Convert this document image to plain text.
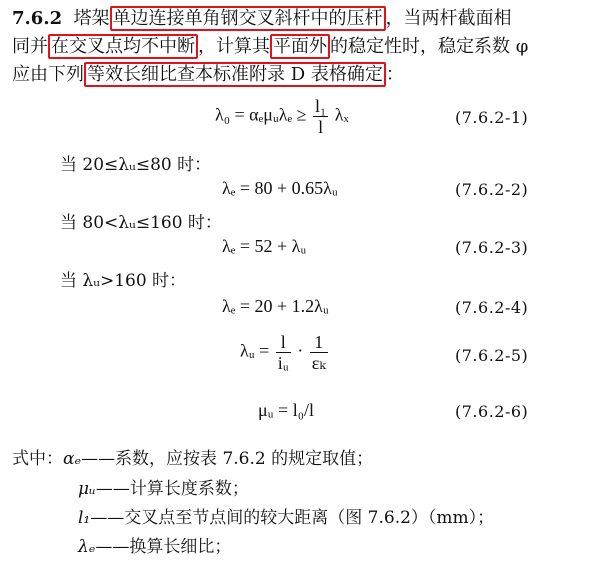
7.6.2 塔架 单边连接单角钢交叉斜杆中的压杆 ，当两杆截面相
同并 在交叉点均不中断 ，计算其 平面外 的稳定性时，稳定系数 φ
应由下列 等效长细比查本标准附录 D 表格确定 ：
λ₀ = αₑμᵤλₑ ≥ $\frac{\text{l₁}}{l}$ λₓ	(7.6.2-1)
当 20≤λᵤ≤80 时：
λₑ = 80 + 0.65λᵤ	(7.6.2-2)
当 80<λᵤ≤160 时：
λₑ = 52 + λᵤ	(7.6.2-3)
当 λᵤ>160 时：
λₑ = 20 + 1.2λᵤ	(7.6.2-4)
λᵤ = $\frac{l}{\text{iᵤ}} \cdot \frac{1}{\text{εₖ}}$	(7.6.2-5)
μᵤ = l₀/l	(7.6.2-6)
式中：αₑ——系数，应按表 7.6.2 的规定取值；
μᵤ——计算长度系数；
l₁——交叉点至节点间的较大距离（图 7.6.2）（mm）；
λₑ——换算长细比；
